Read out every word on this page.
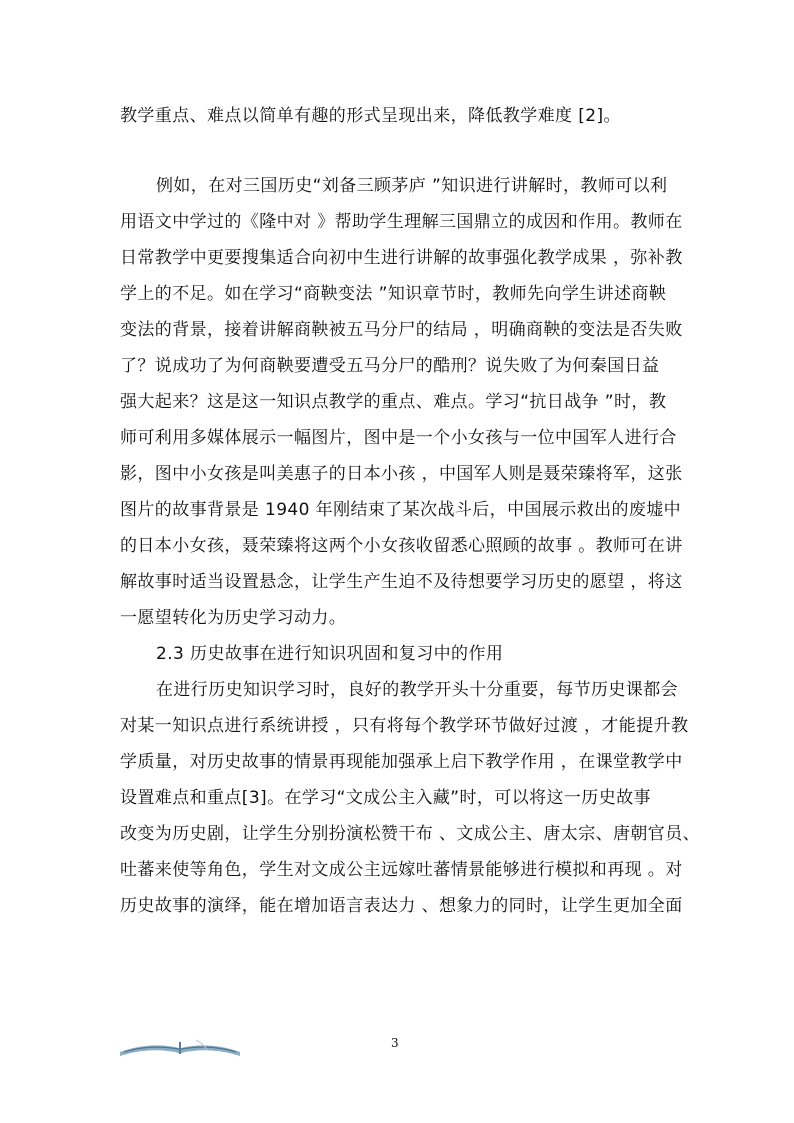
教学重点、难点以简单有趣的形式呈现出来，降低教学难度 [2]。
例如，在对三国历史“刘备三顾茅庐 ”知识进行讲解时，教师可以利
用语文中学过的《隆中对 》帮助学生理解三国鼎立的成因和作用。教师在
日常教学中更要搜集适合向初中生进行讲解的故事强化教学成果 ，弥补教
学上的不足。如在学习“商鞅变法 ”知识章节时，教师先向学生讲述商鞅
变法的背景，接着讲解商鞅被五马分尸的结局 ，明确商鞅的变法是否失败
了？说成功了为何商鞅要遭受五马分尸的酷刑？说失败了为何秦国日益
强大起来？这是这一知识点教学的重点、难点。学习“抗日战争 ”时，教
师可利用多媒体展示一幅图片，图中是一个小女孩与一位中国军人进行合
影，图中小女孩是叫美惠子的日本小孩 ，中国军人则是聂荣臻将军，这张
图片的故事背景是 1940 年刚结束了某次战斗后，中国展示救出的废墟中
的日本小女孩，聂荣臻将这两个小女孩收留悉心照顾的故事 。教师可在讲
解故事时适当设置悬念，让学生产生迫不及待想要学习历史的愿望 ，将这
一愿望转化为历史学习动力。
2.3 历史故事在进行知识巩固和复习中的作用
在进行历史知识学习时，良好的教学开头十分重要，每节历史课都会
对某一知识点进行系统讲授 ，只有将每个教学环节做好过渡 ，才能提升教
学质量，对历史故事的情景再现能加强承上启下教学作用 ，在课堂教学中
设置难点和重点[3]。在学习“文成公主入藏”时，可以将这一历史故事
改变为历史剧，让学生分别扮演松赞干布 、文成公主、唐太宗、唐朝官员、
吐蕃来使等角色，学生对文成公主远嫁吐蕃情景能够进行模拟和再现 。对
历史故事的演绎，能在增加语言表达力 、想象力的同时，让学生更加全面
3
